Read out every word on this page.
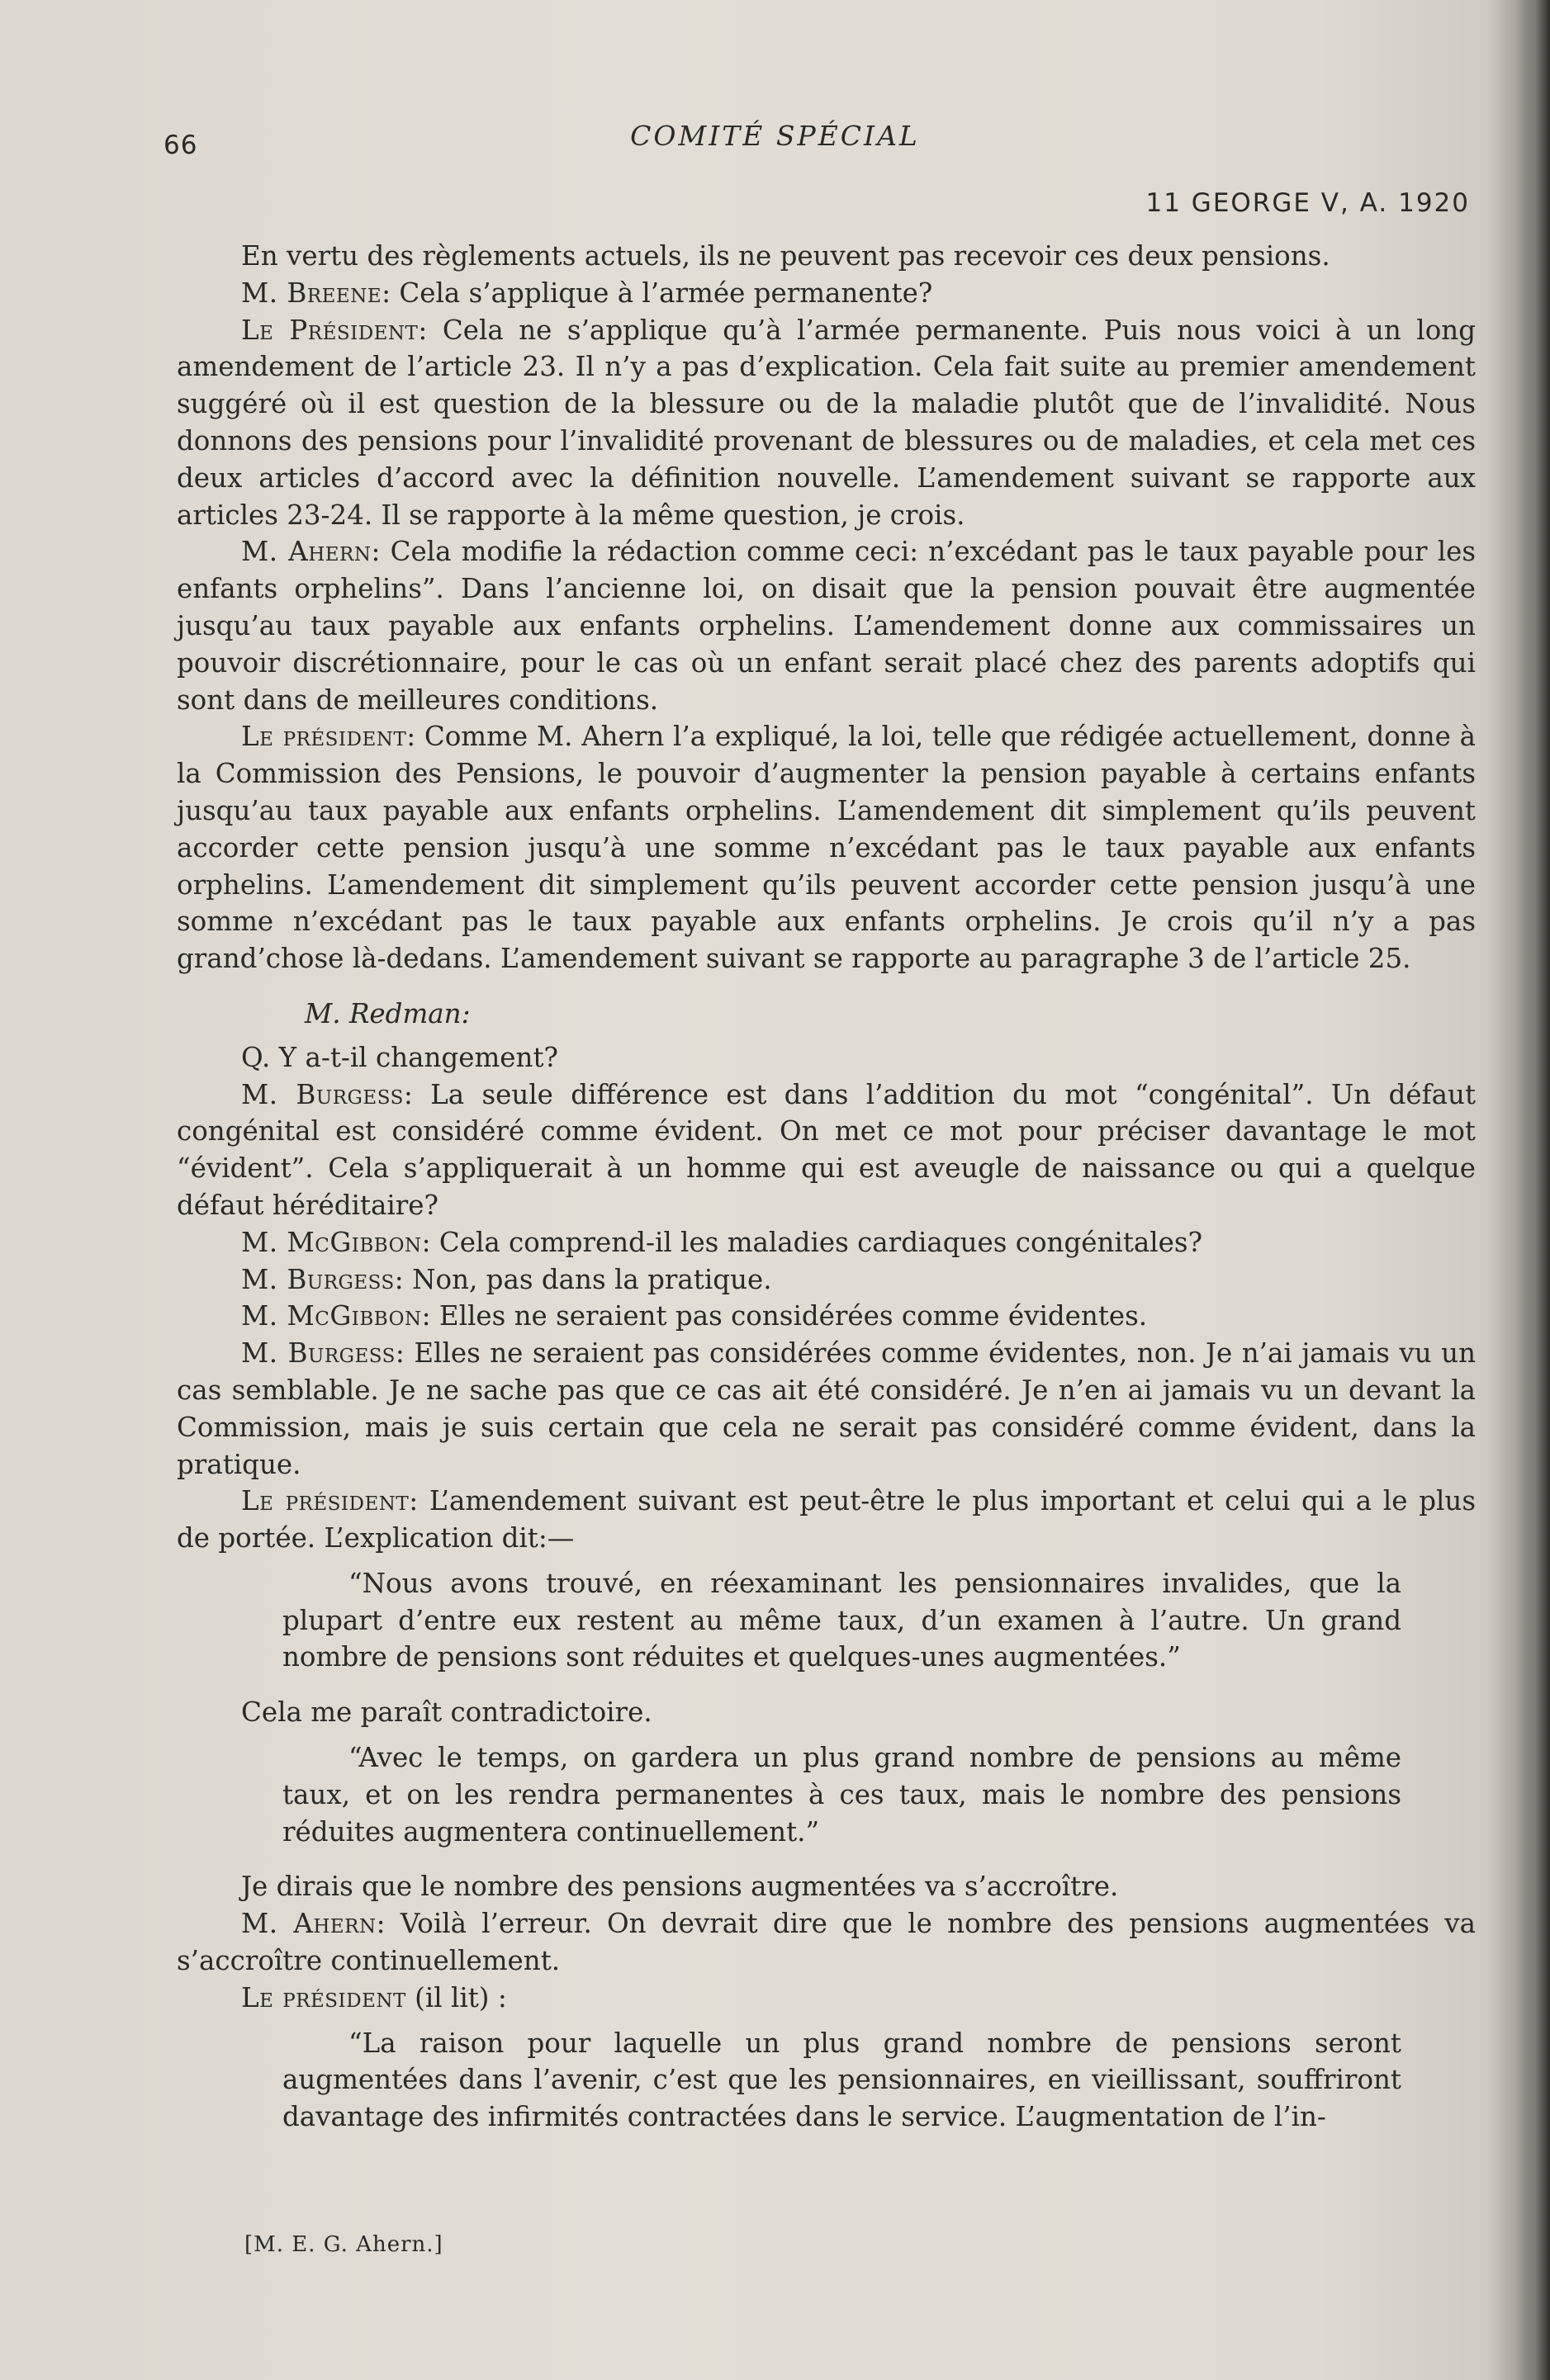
66	COMITÉ SPÉCIAL
11 GEORGE V, A. 1920

En vertu des règlements actuels, ils ne peuvent pas recevoir ces deux pensions.

M. Breene: Cela s’applique à l’armée permanente?

Le Président: Cela ne s’applique qu’à l’armée permanente. Puis nous voici à un long amendement de l’article 23. Il n’y a pas d’explication. Cela fait suite au premier amendement suggéré où il est question de la blessure ou de la maladie plutôt que de l’invalidité. Nous donnons des pensions pour l’invalidité provenant de blessures ou de maladies, et cela met ces deux articles d’accord avec la définition nouvelle. L’amendement suivant se rapporte aux articles 23-24. Il se rapporte à la même question, je crois.

M. Ahern: Cela modifie la rédaction comme ceci: n’excédant pas le taux payable pour les enfants orphelins”. Dans l’ancienne loi, on disait que la pension pouvait être augmentée jusqu’au taux payable aux enfants orphelins. L’amendement donne aux commissaires un pouvoir discrétionnaire, pour le cas où un enfant serait placé chez des parents adoptifs qui sont dans de meilleures conditions.

Le président: Comme M. Ahern l’a expliqué, la loi, telle que rédigée actuellement, donne à la Commission des Pensions, le pouvoir d’augmenter la pension payable à certains enfants jusqu’au taux payable aux enfants orphelins. L’amendement dit simplement qu’ils peuvent accorder cette pension jusqu’à une somme n’excédant pas le taux payable aux enfants orphelins. L’amendement dit simplement qu’ils peuvent accorder cette pension jusqu’à une somme n’excédant pas le taux payable aux enfants orphelins. Je crois qu’il n’y a pas grand’chose là-dedans. L’amendement suivant se rapporte au paragraphe 3 de l’article 25.

M. Redman:

Q. Y a-t-il changement?

M. Burgess: La seule différence est dans l’addition du mot “congénital”. Un défaut congénital est considéré comme évident. On met ce mot pour préciser davantage le mot “évident”. Cela s’appliquerait à un homme qui est aveugle de naissance ou qui a quelque défaut héréditaire?

M. McGibbon: Cela comprend-il les maladies cardiaques congénitales?

M. Burgess: Non, pas dans la pratique.

M. McGibbon: Elles ne seraient pas considérées comme évidentes.

M. Burgess: Elles ne seraient pas considérées comme évidentes, non. Je n’ai jamais vu un cas semblable. Je ne sache pas que ce cas ait été considéré. Je n’en ai jamais vu un devant la Commission, mais je suis certain que cela ne serait pas considéré comme évident, dans la pratique.

Le président: L’amendement suivant est peut-être le plus important et celui qui a le plus de portée. L’explication dit:—

“Nous avons trouvé, en réexaminant les pensionnaires invalides, que la plupart d’entre eux restent au même taux, d’un examen à l’autre. Un grand nombre de pensions sont réduites et quelques-unes augmentées.”

Cela me paraît contradictoire.

“Avec le temps, on gardera un plus grand nombre de pensions au même taux, et on les rendra permanentes à ces taux, mais le nombre des pensions réduites augmentera continuellement.”

Je dirais que le nombre des pensions augmentées va s’accroître.

M. Ahern: Voilà l’erreur. On devrait dire que le nombre des pensions augmentées va s’accroître continuellement.

Le président (il lit) :

“La raison pour laquelle un plus grand nombre de pensions seront augmentées dans l’avenir, c’est que les pensionnaires, en vieillissant, souffriront davantage des infirmités contractées dans le service. L’augmentation de l’in-

[M. E. G. Ahern.]
